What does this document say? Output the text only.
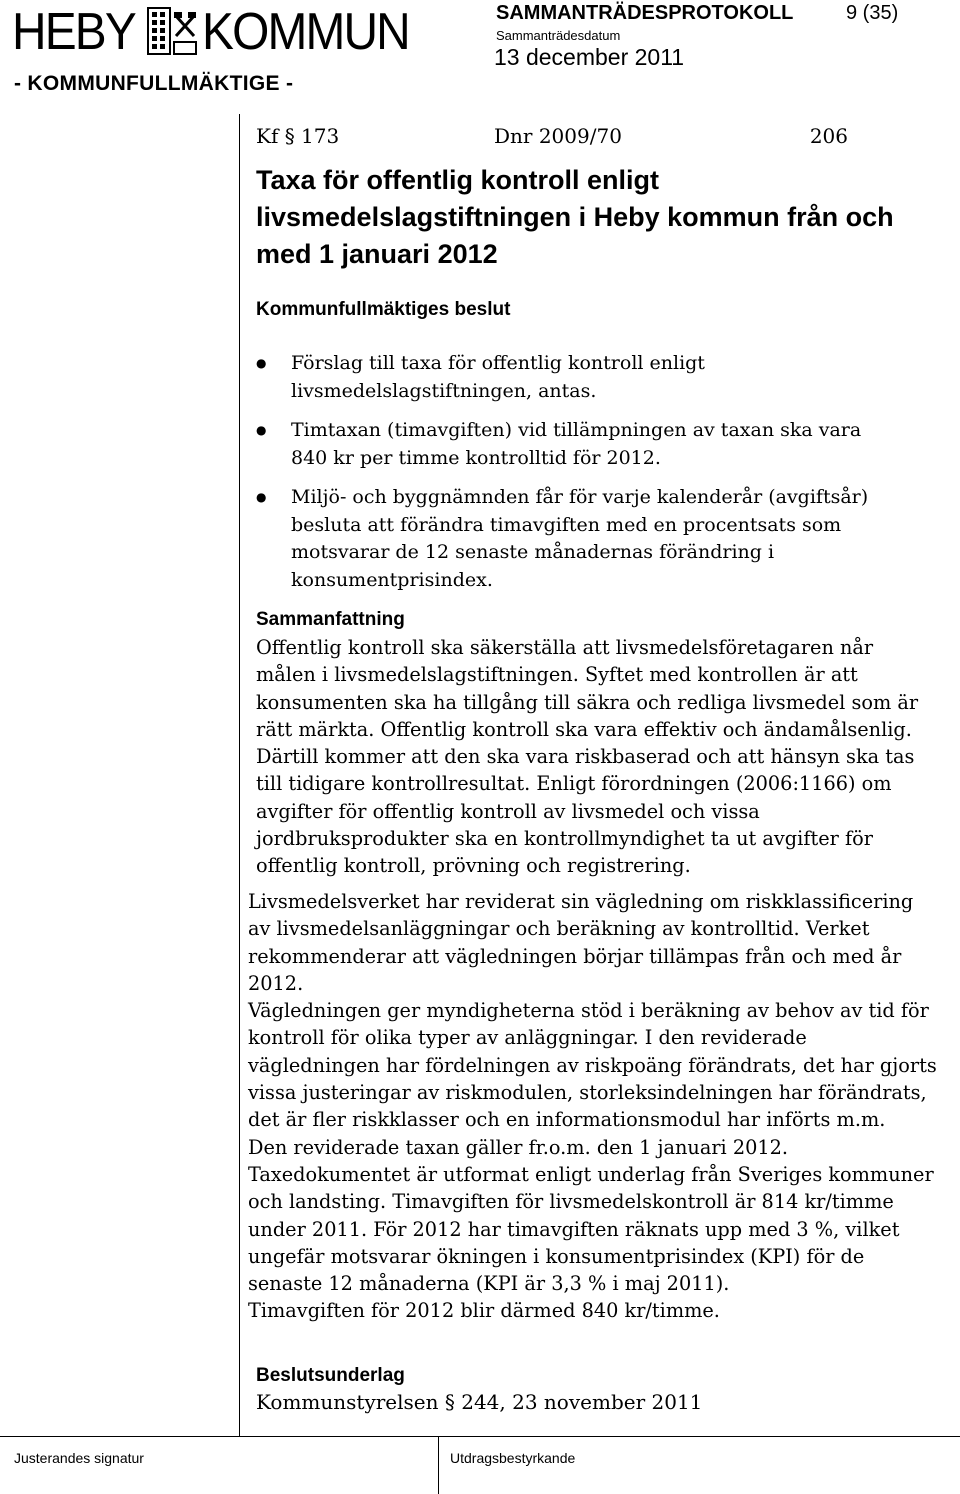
HEBY KOMMUN
- KOMMUNFULLMÄKTIGE -
SAMMANTRÄDESPROTOKOLL	9 (35)
Sammanträdesdatum
13 december 2011
Kf § 173	Dnr 2009/70	206
Taxa för offentlig kontroll enligt livsmedelslagstiftningen i Heby kommun från och med 1 januari 2012
Kommunfullmäktiges beslut
● Förslag till taxa för offentlig kontroll enligt livsmedelslagstiftningen, antas.
● Timtaxan (timavgiften) vid tillämpningen av taxan ska vara 840 kr per timme kontrolltid för 2012.
● Miljö- och byggnämnden får för varje kalenderår (avgiftsår) besluta att förändra timavgiften med en procentsats som motsvarar de 12 senaste månadernas förändring i konsumentprisindex.
Sammanfattning
Offentlig kontroll ska säkerställa att livsmedelsföretagaren når målen i livsmedelslagstiftningen. Syftet med kontrollen är att konsumenten ska ha tillgång till säkra och redliga livsmedel som är rätt märkta. Offentlig kontroll ska vara effektiv och ändamålsenlig. Därtill kommer att den ska vara riskbaserad och att hänsyn ska tas till tidigare kontrollresultat. Enligt förordningen (2006:1166) om avgifter för offentlig kontroll av livsmedel och vissa jordbruksprodukter ska en kontrollmyndighet ta ut avgifter för offentlig kontroll, prövning och registrering.
Livsmedelsverket har reviderat sin vägledning om riskklassificering av livsmedelsanläggningar och beräkning av kontrolltid. Verket rekommenderar att vägledningen börjar tillämpas från och med år 2012.
Vägledningen ger myndigheterna stöd i beräkning av behov av tid för kontroll för olika typer av anläggningar. I den reviderade vägledningen har fördelningen av riskpoäng förändrats, det har gjorts vissa justeringar av riskmodulen, storleksindelningen har förändrats, det är fler riskklasser och en informationsmodul har införts m.m.
Den reviderade taxan gäller fr.o.m. den 1 januari 2012.
Taxedokumentet är utformat enligt underlag från Sveriges kommuner och landsting. Timavgiften för livsmedelskontroll är 814 kr/timme under 2011. För 2012 har timavgiften räknats upp med 3 %, vilket ungefär motsvarar ökningen i konsumentprisindex (KPI) för de senaste 12 månaderna (KPI är 3,3 % i maj 2011).
Timavgiften för 2012 blir därmed 840 kr/timme.
Beslutsunderlag
Kommunstyrelsen § 244, 23 november 2011
Justerandes signatur	Utdragsbestyrkande
